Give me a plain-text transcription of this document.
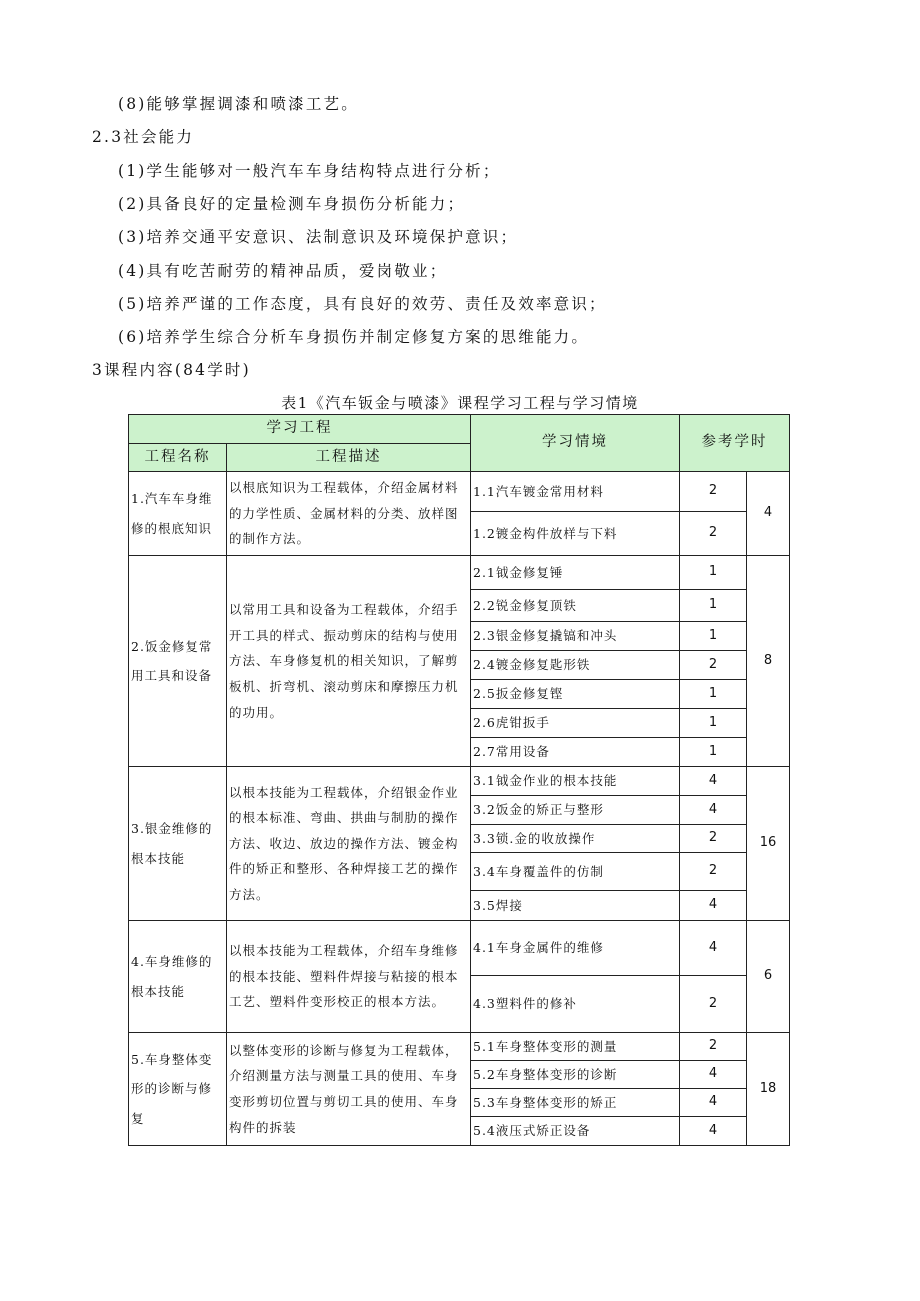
(8)能够掌握调漆和喷漆工艺。
2.3社会能力
(1)学生能够对一般汽车车身结构特点进行分析；
(2)具备良好的定量检测车身损伤分析能力；
(3)培养交通平安意识、法制意识及环境保护意识；
(4)具有吃苦耐劳的精神品质，爱岗敬业；
(5)培养严谨的工作态度，具有良好的效劳、责任及效率意识；
(6)培养学生综合分析车身损伤并制定修复方案的思维能力。
3课程内容(84学时)
表1《汽车钣金与喷漆》课程学习工程与学习情境
学习工程		学习情境	参考学时	
工程名称	工程描述			
1.汽车车身维修的根底知识	以根底知识为工程载体，介绍金属材料的力学性质、金属材料的分类、放样图的制作方法。	1.1汽车镀金常用材料	2	4
		1.2镀金构件放样与下料	2	
2.饭金修复常用工具和设备	以常用工具和设备为工程载体，介绍手开工具的样式、振动剪床的结构与使用方法、车身修复机的相关知识，了解剪板机、折弯机、滚动剪床和摩擦压力机的功用。	2.1钺金修复锤	1	8
		2.2锐金修复顶铁	1	
		2.3银金修复撬镐和冲头	1	
		2.4镀金修复匙形铁	2	
		2.5扳金修复铿	1	
		2.6虎钳扳手	1	
		2.7常用设备	1	
3.银金维修的根本技能	以根本技能为工程载体，介绍银金作业的根本标准、弯曲、拱曲与制肋的操作方法、收边、放边的操作方法、镀金构件的矫正和整形、各种焊接工艺的操作方法。	3.1钺金作业的根本技能	4	16
		3.2饭金的矫正与整形	4	
		3.3锁.金的收放操作	2	
		3.4车身覆盖件的仿制	2	
		3.5焊接	4	
4.车身维修的根本技能	以根本技能为工程载体，介绍车身维修的根本技能、塑料件焊接与粘接的根本工艺、塑料件变形校正的根本方法。	4.1车身金属件的维修	4	6
		4.3塑料件的修补	2	
5.车身整体变形的诊断与修复	以整体变形的诊断与修复为工程载体，介绍测量方法与测量工具的使用、车身变形剪切位置与剪切工具的使用、车身构件的拆装	5.1车身整体变形的测量	2	18
		5.2车身整体变形的诊断	4	
		5.3车身整体变形的矫正	4	
		5.4液压式矫正设备	4	
